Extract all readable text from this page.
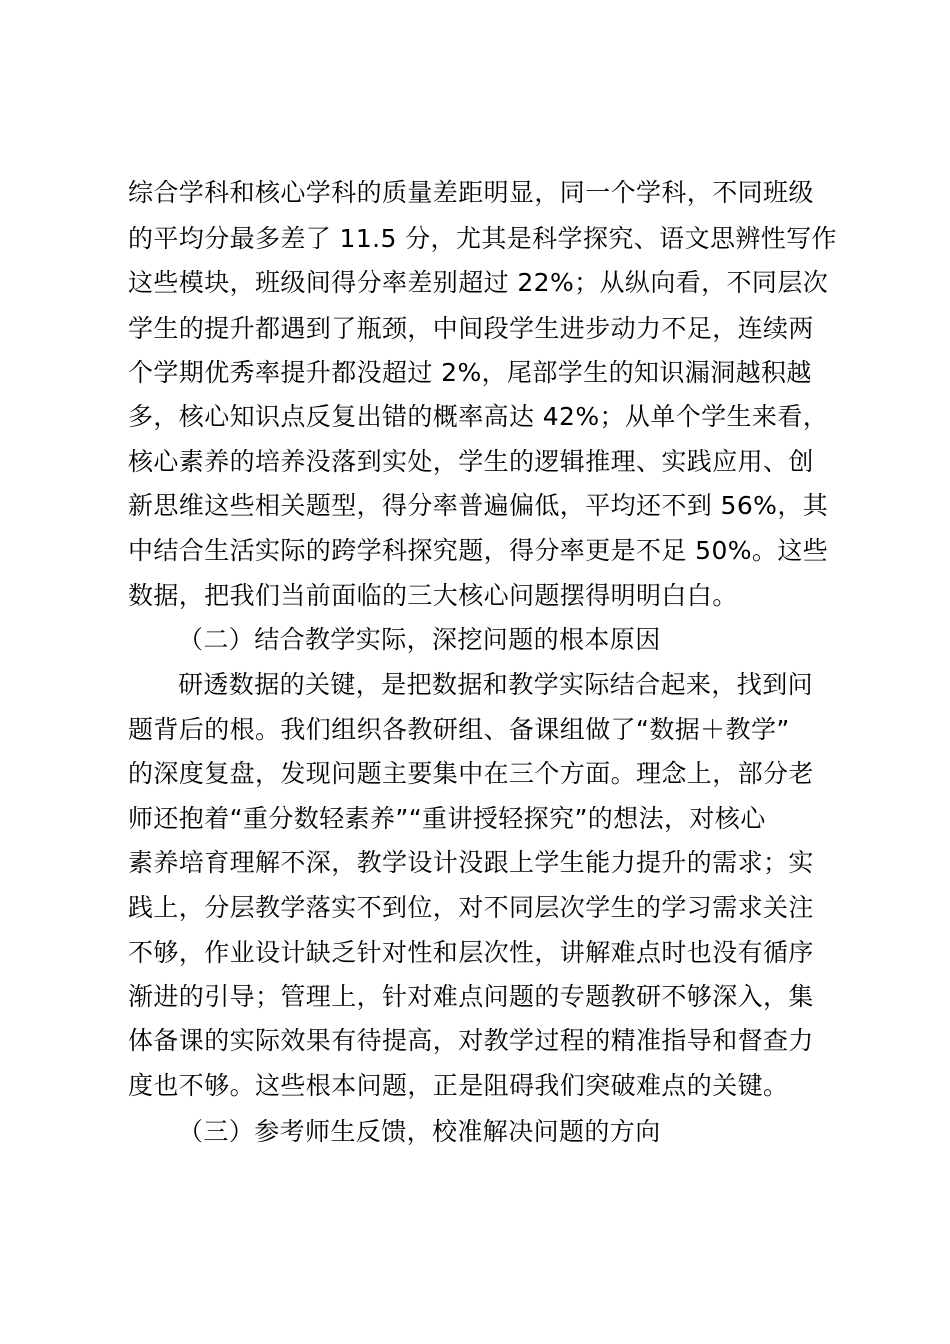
综合学科和核心学科的质量差距明显，同一个学科，不同班级
的平均分最多差了 11.5 分，尤其是科学探究、语文思辨性写作
这些模块，班级间得分率差别超过 22%；从纵向看，不同层次
学生的提升都遇到了瓶颈，中间段学生进步动力不足，连续两
个学期优秀率提升都没超过 2%，尾部学生的知识漏洞越积越
多，核心知识点反复出错的概率高达 42%；从单个学生来看，
核心素养的培养没落到实处，学生的逻辑推理、实践应用、创
新思维这些相关题型，得分率普遍偏低，平均还不到 56%，其
中结合生活实际的跨学科探究题，得分率更是不足 50%。这些
数据，把我们当前面临的三大核心问题摆得明明白白。
（二）结合教学实际，深挖问题的根本原因
研透数据的关键，是把数据和教学实际结合起来，找到问
题背后的根。我们组织各教研组、备课组做了“数据＋教学”
的深度复盘，发现问题主要集中在三个方面。理念上，部分老
师还抱着“重分数轻素养”“重讲授轻探究”的想法，对核心
素养培育理解不深，教学设计没跟上学生能力提升的需求；实
践上，分层教学落实不到位，对不同层次学生的学习需求关注
不够，作业设计缺乏针对性和层次性，讲解难点时也没有循序
渐进的引导；管理上，针对难点问题的专题教研不够深入，集
体备课的实际效果有待提高，对教学过程的精准指导和督查力
度也不够。这些根本问题，正是阻碍我们突破难点的关键。
（三）参考师生反馈，校准解决问题的方向
